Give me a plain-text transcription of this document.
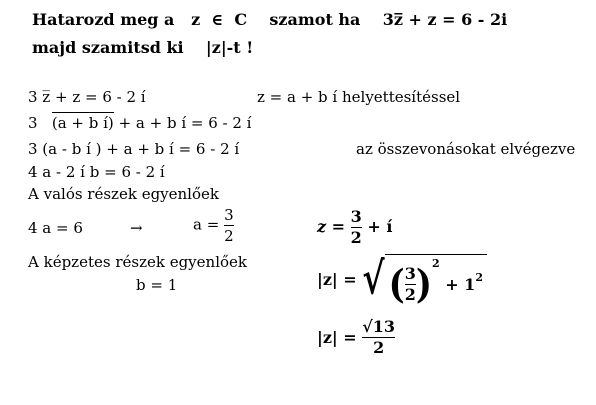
Hatarozd meg a z ∈ C szamot ha 3z̅ + z = 6 - 2i
majd szamitsd ki |z|-t !
3 z̅ + z = 6 - 2 í	z = a + b í helyettesítéssel
3 (a + b í) + a + b í = 6 - 2 í
3 (a - b í ) + a + b í = 6 - 2 í	az összevonásokat elvégezve
4 a - 2 í b = 6 - 2 í
A valós részek egyenlőek
4 a = 6	→	$a = \frac{3}{2}$
A képzetes részek egyenlőek
b = 1
$z = \frac{3}{2}$ + í
|z| = √ ( $\frac{3}{2} )^2 + 1^2$
$|z| = \frac{√13}{2}$
